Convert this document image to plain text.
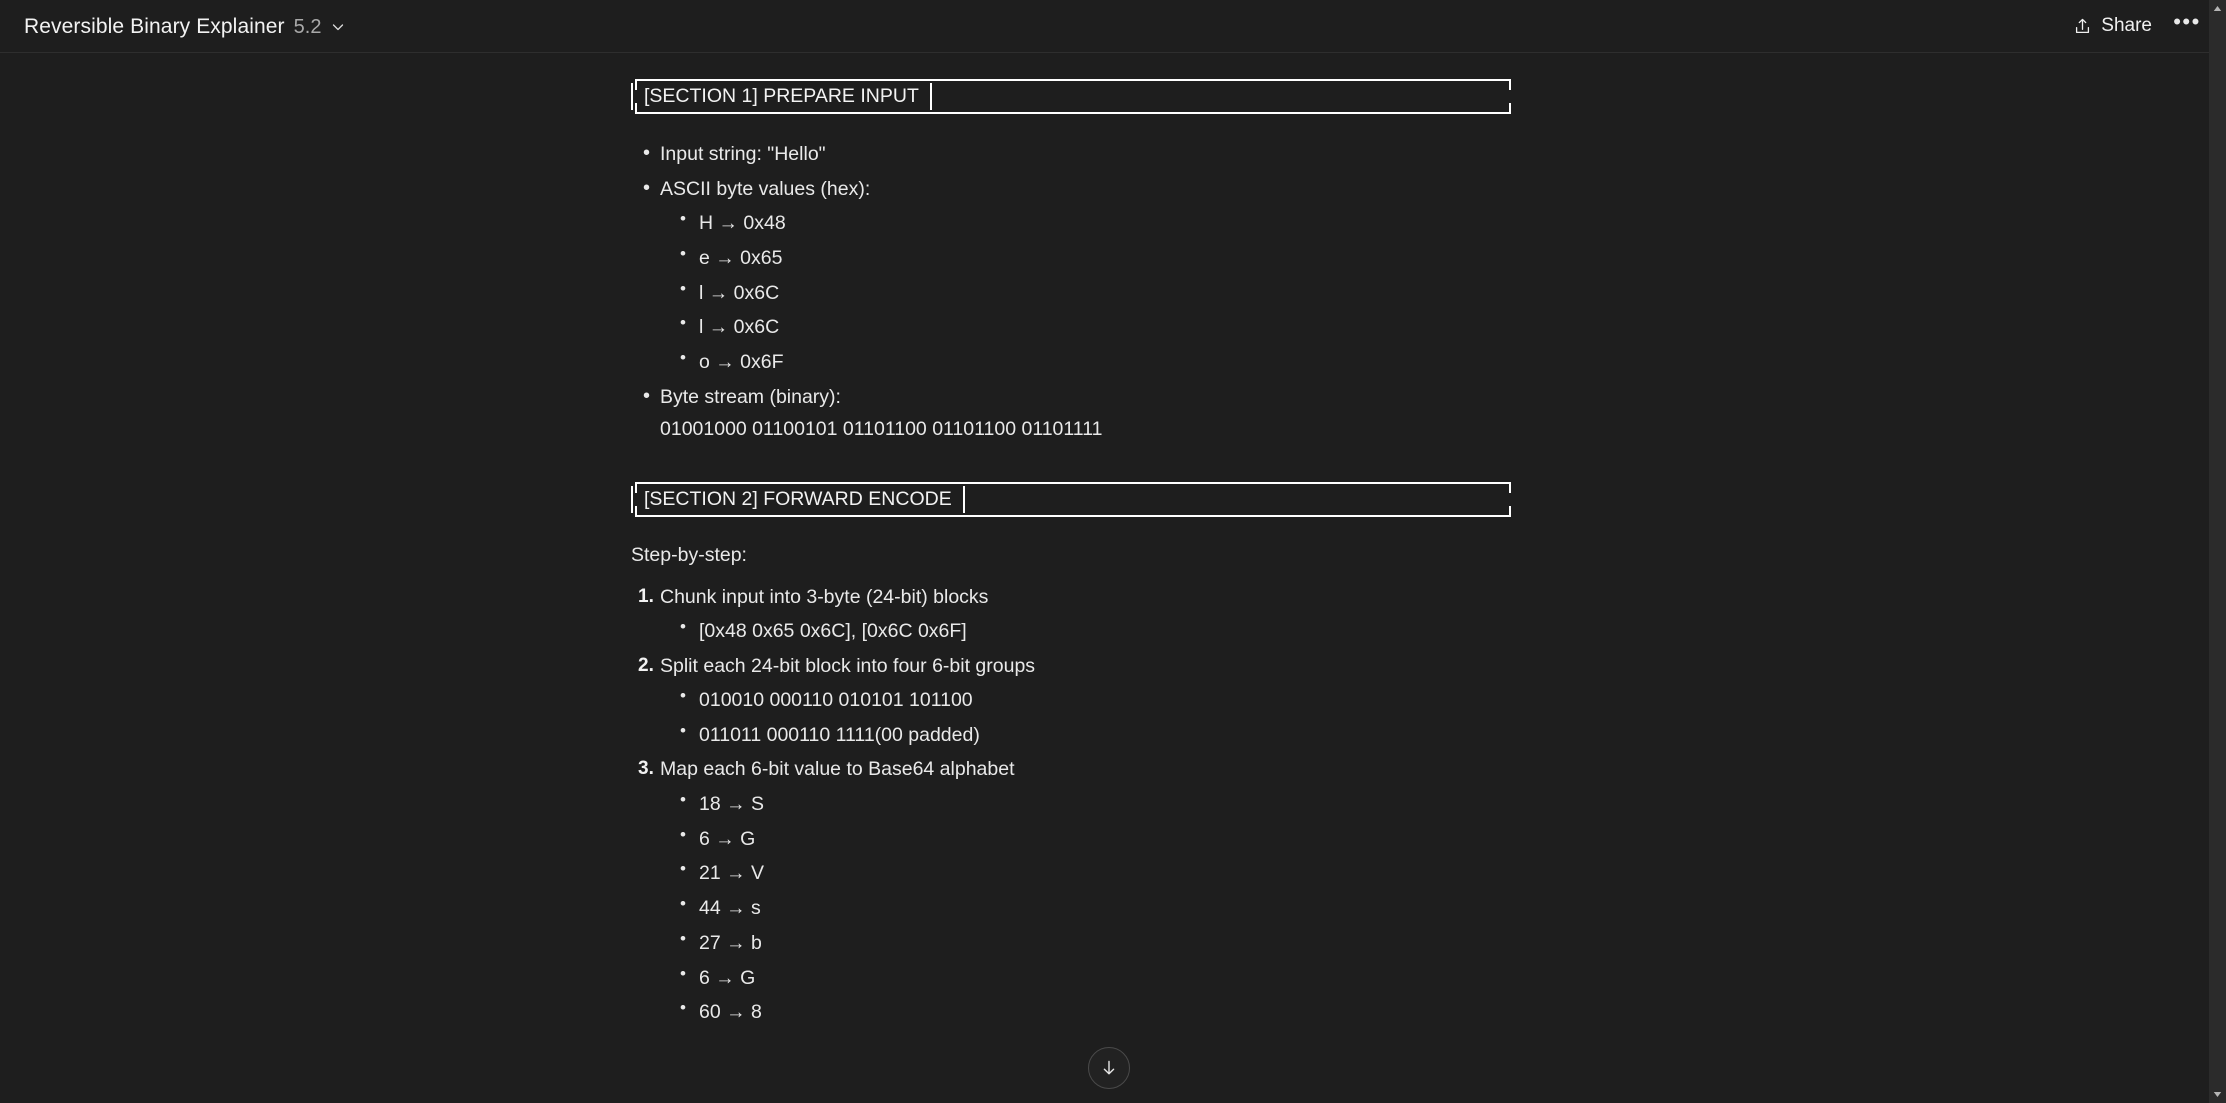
Reversible Binary Explainer 5.2	Share •••
[SECTION 1] PREPARE INPUT
• Input string: "Hello"
• ASCII byte values (hex):
• H → 0x48
• e → 0x65
• l → 0x6C
• l → 0x6C
• o → 0x6F
• Byte stream (binary):
01001000 01100101 01101100 01101100 01101111
[SECTION 2] FORWARD ENCODE
Step-by-step:
Chunk input into 3-byte (24-bit) blocks
• [0x48 0x65 0x6C], [0x6C 0x6F]
Split each 24-bit block into four 6-bit groups
• 010010 000110 010101 101100
• 011011 000110 1111(00 padded)
Map each 6-bit value to Base64 alphabet
• 18 → S
• 6 → G
• 21 → V
• 44 → s
• 27 → b
• 6 → G
• 60 → 8
